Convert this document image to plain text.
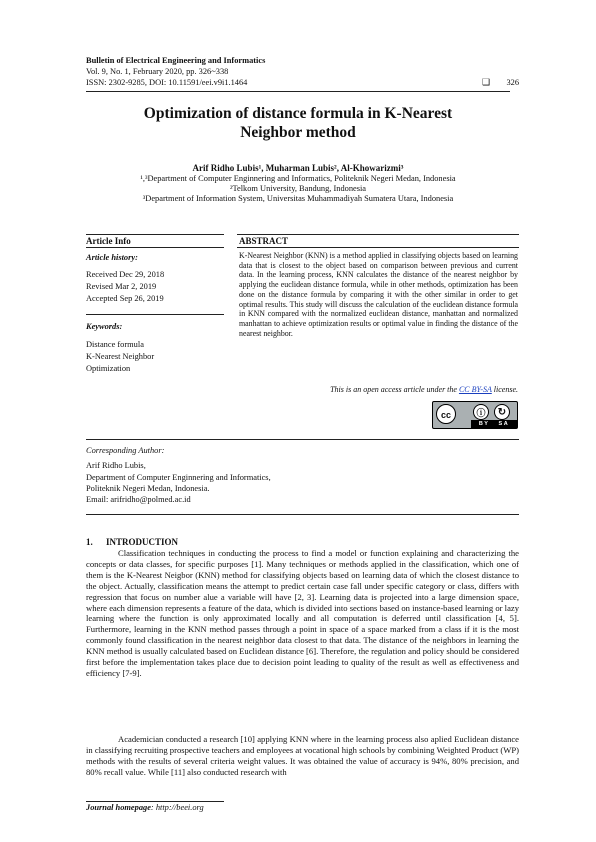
Bulletin of Electrical Engineering and Informatics
Vol. 9, No. 1, February 2020, pp. 326~338
ISSN: 2302-9285, DOI: 10.11591/eei.v9i1.1464	❑	326
Optimization of distance formula in K-Nearest
Neighbor method
Arif Ridho Lubis¹, Muharman Lubis², Al-Khowarizmi³
¹,³Department of Computer Enginnering and Informatics, Politeknik Negeri Medan, Indonesia
²Telkom University, Bandung, Indonesia
³Department of Information System, Universitas Muhammadiyah Sumatera Utara, Indonesia
Article Info
Article history:
Received Dec 29, 2018
Revised Mar 2, 2019
Accepted Sep 26, 2019
Keywords:
Distance formula
K-Nearest Neighbor
Optimization
ABSTRACT
K-Nearest Neighbor (KNN) is a method applied in classifying objects based on learning data that is closest to the object based on comparison between previous and current data. In the learning process, KNN calculates the distance of the nearest neighbor by applying the euclidean distance formula, while in other methods, optimization has been done on the distance formula by comparing it with the other similar in order to get optimal results. This study will discuss the calculation of the euclidean distance formula in KNN compared with the normalized euclidean distance, manhattan and normalized manhattan to achieve optimization results or optimal value in finding the distance of the nearest neighbor.
This is an open access article under the CC BY-SA license.
cc	ⓘ	↻
BY SA
Corresponding Author:
Arif Ridho Lubis,
Department of Computer Enginnering and Informatics,
Politeknik Negeri Medan, Indonesia.
Email: arifridho@polmed.ac.id
1. INTRODUCTION
Classification techniques in conducting the process to find a model or function explaining and characterizing the concepts or data classes, for specific purposes [1]. Many techniques or methods applied in the classification, which one of them is the K-Nearest Neigbor (KNN) method for classifying objects based on learning data of which the closest distance to the object. Actually, classification means the attempt to predict certain case fall under specific category or class, differs with regression that focus on number alue a variable will have [2, 3]. Learning data is projected into a large dimension space, where each dimension represents a feature of the data, which is divided into sections based on instance-based learning or lazy learning where the function is only approximated locally and all computation is deferred until classification [4, 5]. Furthermore, learning in the KNN method passes through a point in space of a space marked from a class if it is the most commonly found classification in the nearest neighbor data closest to that data. The distance of the neighbors in learning the KNN method is usually calculated based on Euclidean distance [6]. Therefore, the regulation and policy should be considered first before the implementation takes place due to decision point leading to quality of the result as well as effectiveness and efficiency [7-9].
Academician conducted a research [10] applying KNN where in the learning process also aplied Euclidean distance in classifying recruiting prospective teachers and employees at vocational high schools by combining Weighted Product (WP) methods with the results of several criteria weight values. It was obtained the value of accuracy is 94%, 80% precision, and 80% recall value. While [11] also conducted research with
Journal homepage: http://beei.org
